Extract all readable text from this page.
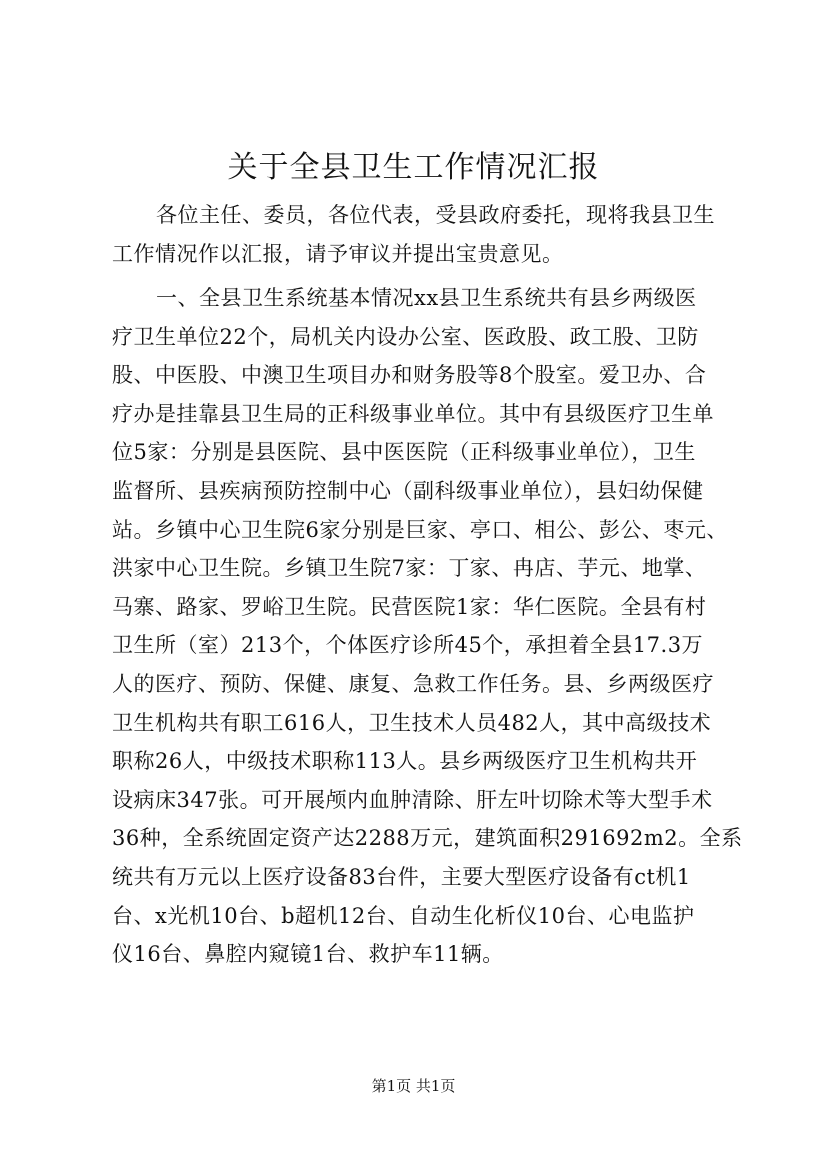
关于全县卫生工作情况汇报
各位主任、委员，各位代表，受县政府委托，现将我县卫生
工作情况作以汇报，请予审议并提出宝贵意见。
一、全县卫生系统基本情况xx县卫生系统共有县乡两级医
疗卫生单位22个，局机关内设办公室、医政股、政工股、卫防
股、中医股、中澳卫生项目办和财务股等8个股室。爱卫办、合
疗办是挂靠县卫生局的正科级事业单位。其中有县级医疗卫生单
位5家：分别是县医院、县中医医院（正科级事业单位），卫生
监督所、县疾病预防控制中心（副科级事业单位），县妇幼保健
站。乡镇中心卫生院6家分别是巨家、亭口、相公、彭公、枣元、
洪家中心卫生院。乡镇卫生院7家：丁家、冉店、芋元、地掌、
马寨、路家、罗峪卫生院。民营医院1家：华仁医院。全县有村
卫生所（室）213个，个体医疗诊所45个，承担着全县17.3万
人的医疗、预防、保健、康复、急救工作任务。县、乡两级医疗
卫生机构共有职工616人，卫生技术人员482人，其中高级技术
职称26人，中级技术职称113人。县乡两级医疗卫生机构共开
设病床347张。可开展颅内血肿清除、肝左叶切除术等大型手术
36种，全系统固定资产达2288万元，建筑面积291692m2。全系
统共有万元以上医疗设备83台件，主要大型医疗设备有ct机1
台、x光机10台、b超机12台、自动生化析仪10台、心电监护
仪16台、鼻腔内窥镜1台、救护车11辆。
第1页 共1页
